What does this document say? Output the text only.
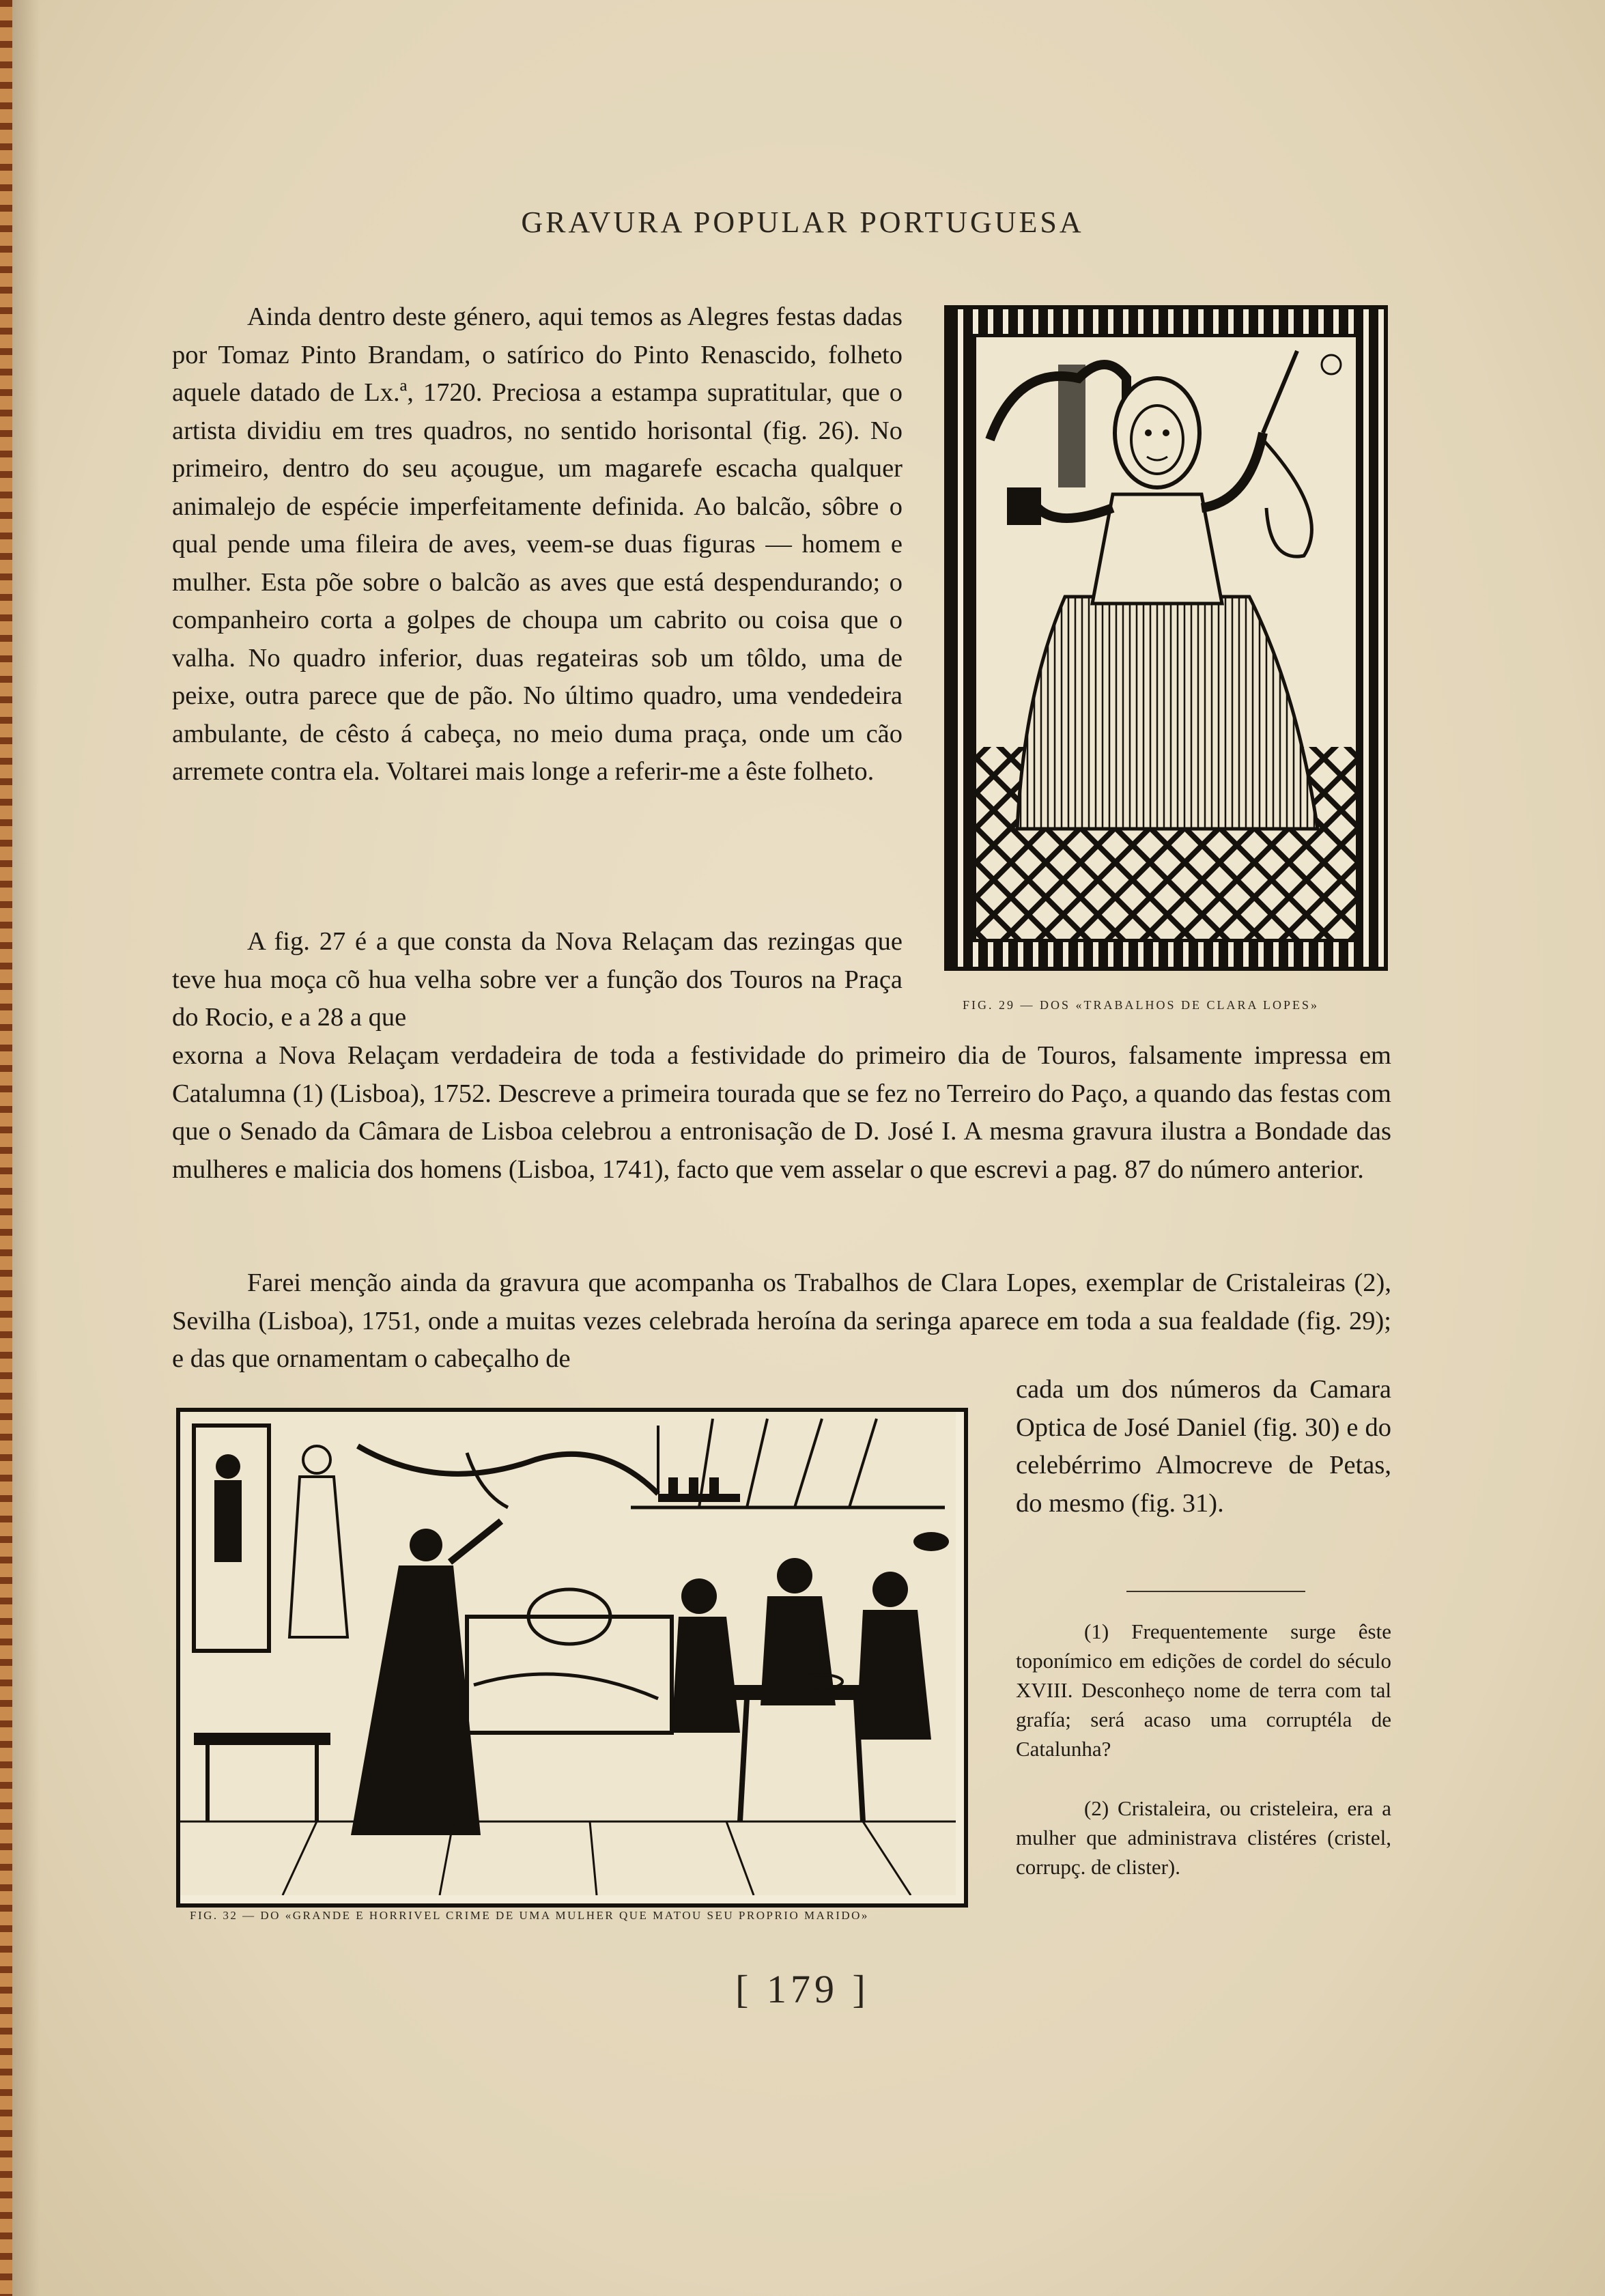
GRAVURA POPULAR PORTUGUESA

Ainda dentro deste género, aqui temos as Alegres festas dadas por Tomaz Pinto Brandam, o satírico do Pinto Renascido, folheto aquele datado de Lx.ª, 1720. Preciosa a estampa supratitular, que o artista dividiu em tres quadros, no sentido horisontal (fig. 26). No primeiro, dentro do seu açougue, um magarefe escacha qualquer animalejo de espécie imperfeitamente definida. Ao balcão, sôbre o qual pende uma fileira de aves, veem-se duas figuras — homem e mulher. Esta põe sobre o balcão as aves que está despendurando; o companheiro corta a golpes de choupa um cabrito ou coisa que o valha. No quadro inferior, duas regateiras sob um tôldo, uma de peixe, outra parece que de pão. No último quadro, uma vendedeira ambulante, de cêsto á cabeça, no meio duma praça, onde um cão arremete contra ela. Voltarei mais longe a referir-me a êste folheto.

A fig. 27 é a que consta da Nova Relaçam das rezingas que teve hua moça cõ hua velha sobre ver a função dos Touros na Praça do Rocio, e a 28 a que

exorna a Nova Relaçam verdadeira de toda a festividade do primeiro dia de Touros, falsamente impressa em Catalumna (1) (Lisboa), 1752. Descreve a primeira tourada que se fez no Terreiro do Paço, a quando das festas com que o Senado da Câmara de Lisboa celebrou a entronisação de D. José I. A mesma gravura ilustra a Bondade das mulheres e malicia dos homens (Lisboa, 1741), facto que vem asselar o que escrevi a pag. 87 do número anterior.

Farei menção ainda da gravura que acompanha os Trabalhos de Clara Lopes, exemplar de Cristaleiras (2), Sevilha (Lisboa), 1751, onde a muitas vezes celebrada heroína da seringa aparece em toda a sua fealdade (fig. 29); e das que ornamentam o cabeçalho de

cada um dos números da Camara Optica de José Daniel (fig. 30) e do celebérrimo Almocreve de Petas, do mesmo (fig. 31).

FIG. 29 — DOS «TRABALHOS DE CLARA LOPES»
FIG. 32 — DO «GRANDE E HORRIVEL CRIME DE UMA MULHER QUE MATOU SEU PROPRIO MARIDO»

(1) Frequentemente surge êste toponímico em edições de cordel do século XVIII. Desconheço nome de terra com tal grafía; será acaso uma corruptéla de Catalunha?

(2) Cristaleira, ou cristeleira, era a mulher que administrava clistéres (cristel, corrupç. de clister).

[ 179 ]
